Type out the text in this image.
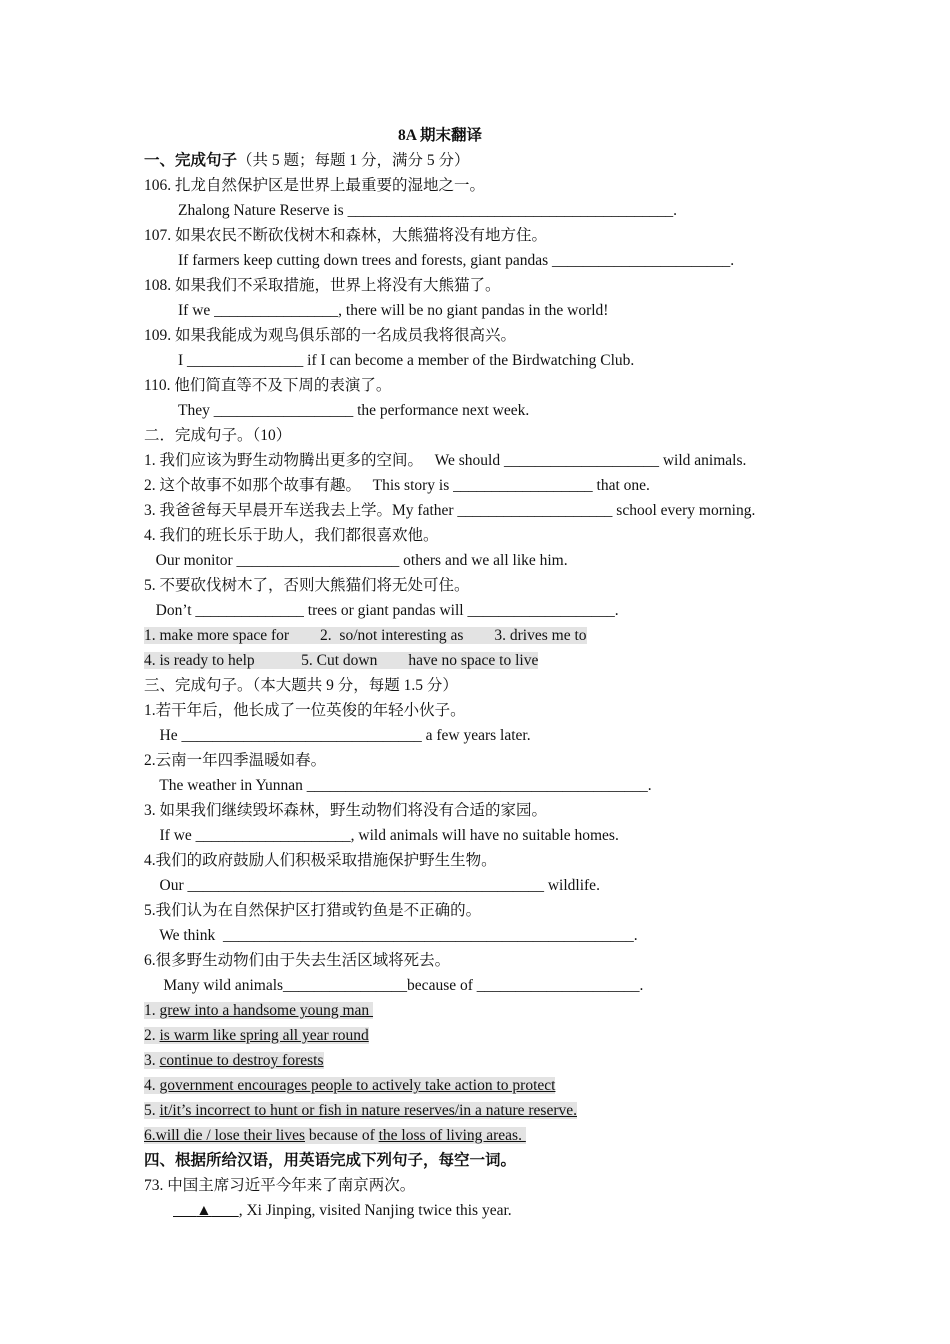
8A 期末翻译
一、完成句子（共 5 题；每题 1 分，满分 5 分）
106. 扎龙自然保护区是世界上最重要的湿地之一。
Zhalong Nature Reserve is __________________________________________.
107. 如果农民不断砍伐树木和森林，大熊猫将没有地方住。
If farmers keep cutting down trees and forests, giant pandas _______________________.
108. 如果我们不采取措施，世界上将没有大熊猫了。
If we ________________, there will be no giant pandas in the world!
109. 如果我能成为观鸟俱乐部的一名成员我将很高兴。
I _______________ if I can become a member of the Birdwatching Club.
110. 他们简直等不及下周的表演了。
They __________________ the performance next week.
二．完成句子。（10）
1. 我们应该为野生动物腾出更多的空间。   We should ____________________ wild animals.
2. 这个故事不如那个故事有趣。   This story is __________________ that one.
3. 我爸爸每天早晨开车送我去上学。My father ____________________ school every morning.
4. 我们的班长乐于助人，我们都很喜欢他。
Our monitor _____________________ others and we all like him.
5. 不要砍伐树木了，否则大熊猫们将无处可住。
Don’t ______________ trees or giant pandas will ___________________.
1. make more space for        2.  so/not interesting as        3. drives me to
4. is ready to help            5. Cut down        have no space to live
三、完成句子。（本大题共 9 分，每题 1.5 分）
1.若干年后，他长成了一位英俊的年轻小伙子。
He _______________________________ a few years later.
2.云南一年四季温暖如春。
The weather in Yunnan ____________________________________________.
3. 如果我们继续毁坏森林，野生动物们将没有合适的家园。
If we ____________________, wild animals will have no suitable homes.
4.我们的政府鼓励人们积极采取措施保护野生生物。
Our ______________________________________________ wildlife.
5.我们认为在自然保护区打猎或钓鱼是不正确的。
We think  _____________________________________________________.
6.很多野生动物们由于失去生活区域将死去。
Many wild animals________________because of _____________________.
1. grew into a handsome young man
2. is warm like spring all year round
3. continue to destroy forests
4. government encourages people to actively take action to protect
5. it/it’s incorrect to hunt or fish in nature reserves/in a nature reserve.
6.will die / lose their lives because of the loss of living areas.
四、根据所给汉语，用英语完成下列句子，每空一词。
73. 中国主席习近平今年来了南京两次。
▲ , Xi Jinping, visited Nanjing twice this year.
